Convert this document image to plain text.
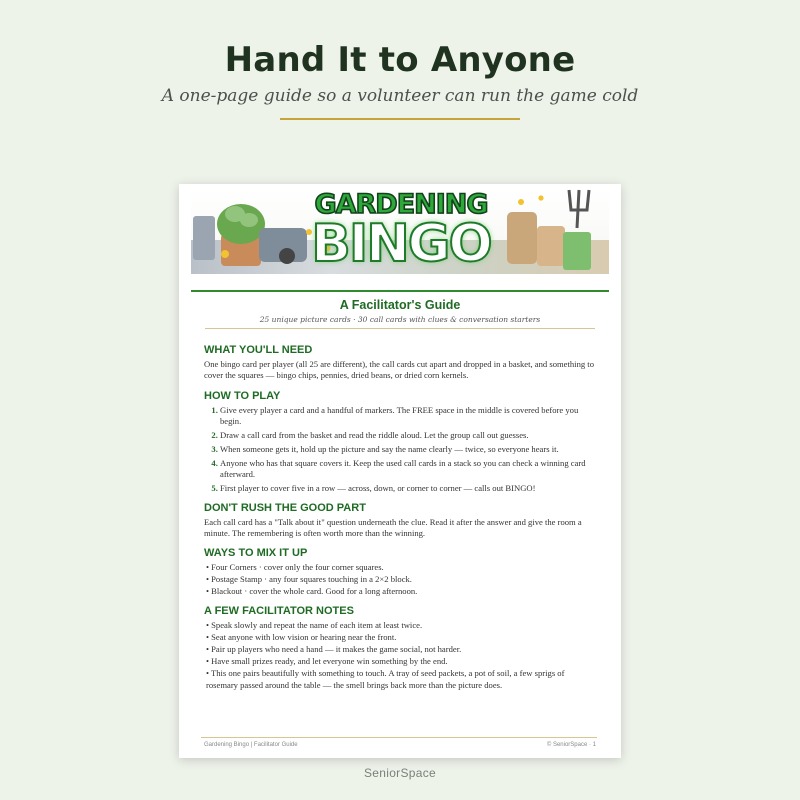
Hand It to Anyone
A one-page guide so a volunteer can run the game cold
GARDENING
BINGO
A Facilitator's Guide
25 unique picture cards · 30 call cards with clues & conversation starters
WHAT YOU'LL NEED
One bingo card per player (all 25 are different), the call cards cut apart and dropped in a basket, and something to cover the squares — bingo chips, pennies, dried beans, or dried corn kernels.
HOW TO PLAY
1. Give every player a card and a handful of markers. The FREE space in the middle is covered before you begin.
2. Draw a call card from the basket and read the riddle aloud. Let the group call out guesses.
3. When someone gets it, hold up the picture and say the name clearly — twice, so everyone hears it.
4. Anyone who has that square covers it. Keep the used call cards in a stack so you can check a winning card afterward.
5. First player to cover five in a row — across, down, or corner to corner — calls out BINGO!
DON'T RUSH THE GOOD PART
Each call card has a "Talk about it" question underneath the clue. Read it after the answer and give the room a minute. The remembering is often worth more than the winning.
WAYS TO MIX IT UP
• Four Corners · cover only the four corner squares.
• Postage Stamp · any four squares touching in a 2×2 block.
• Blackout · cover the whole card. Good for a long afternoon.
A FEW FACILITATOR NOTES
• Speak slowly and repeat the name of each item at least twice.
• Seat anyone with low vision or hearing near the front.
• Pair up players who need a hand — it makes the game social, not harder.
• Have small prizes ready, and let everyone win something by the end.
• This one pairs beautifully with something to touch. A tray of seed packets, a pot of soil, a few sprigs of rosemary passed around the table — the smell brings back more than the picture does.
Gardening Bingo | Facilitator Guide	© SeniorSpace · 1
SeniorSpace
